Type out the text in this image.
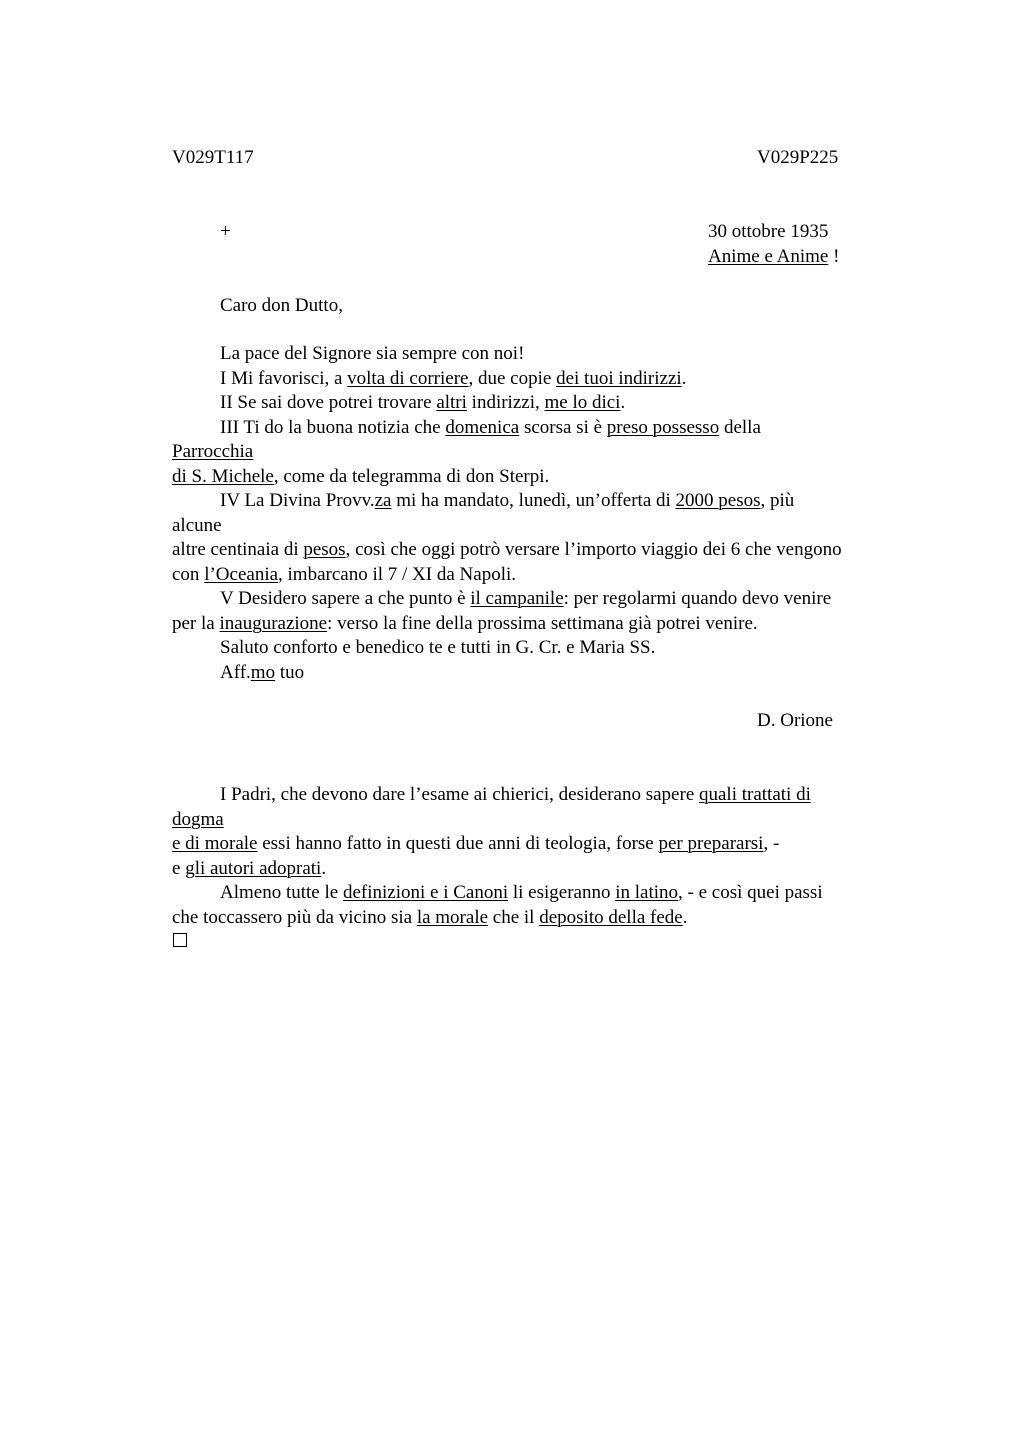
V029T117	V029P225
+	30 ottobre 1935
Anime e Anime !
Caro don Dutto,
La pace del Signore sia sempre con noi!
I Mi favorisci, a volta di corriere, due copie dei tuoi indirizzi.
II Se sai dove potrei trovare altri indirizzi, me lo dici.
III Ti do la buona notizia che domenica scorsa si è preso possesso della
Parrocchia
di S. Michele, come da telegramma di don Sterpi.
IV La Divina Provv.za mi ha mandato, lunedì, un’offerta di 2000 pesos, più
alcune
altre centinaia di pesos, così che oggi potrò versare l’importo viaggio dei 6 che vengono
con l’Oceania, imbarcano il 7 / XI da Napoli.
V Desidero sapere a che punto è il campanile: per regolarmi quando devo venire
per la inaugurazione: verso la fine della prossima settimana già potrei venire.
Saluto conforto e benedico te e tutti in G. Cr. e Maria SS.
Aff.mo tuo
D. Orione
I Padri, che devono dare l’esame ai chierici, desiderano sapere quali trattati di
dogma
e di morale essi hanno fatto in questi due anni di teologia, forse per prepararsi, -
e gli autori adoprati.
Almeno tutte le definizioni e i Canoni li esigeranno in latino, - e così quei passi
che toccassero più da vicino sia la morale che il deposito della fede.
